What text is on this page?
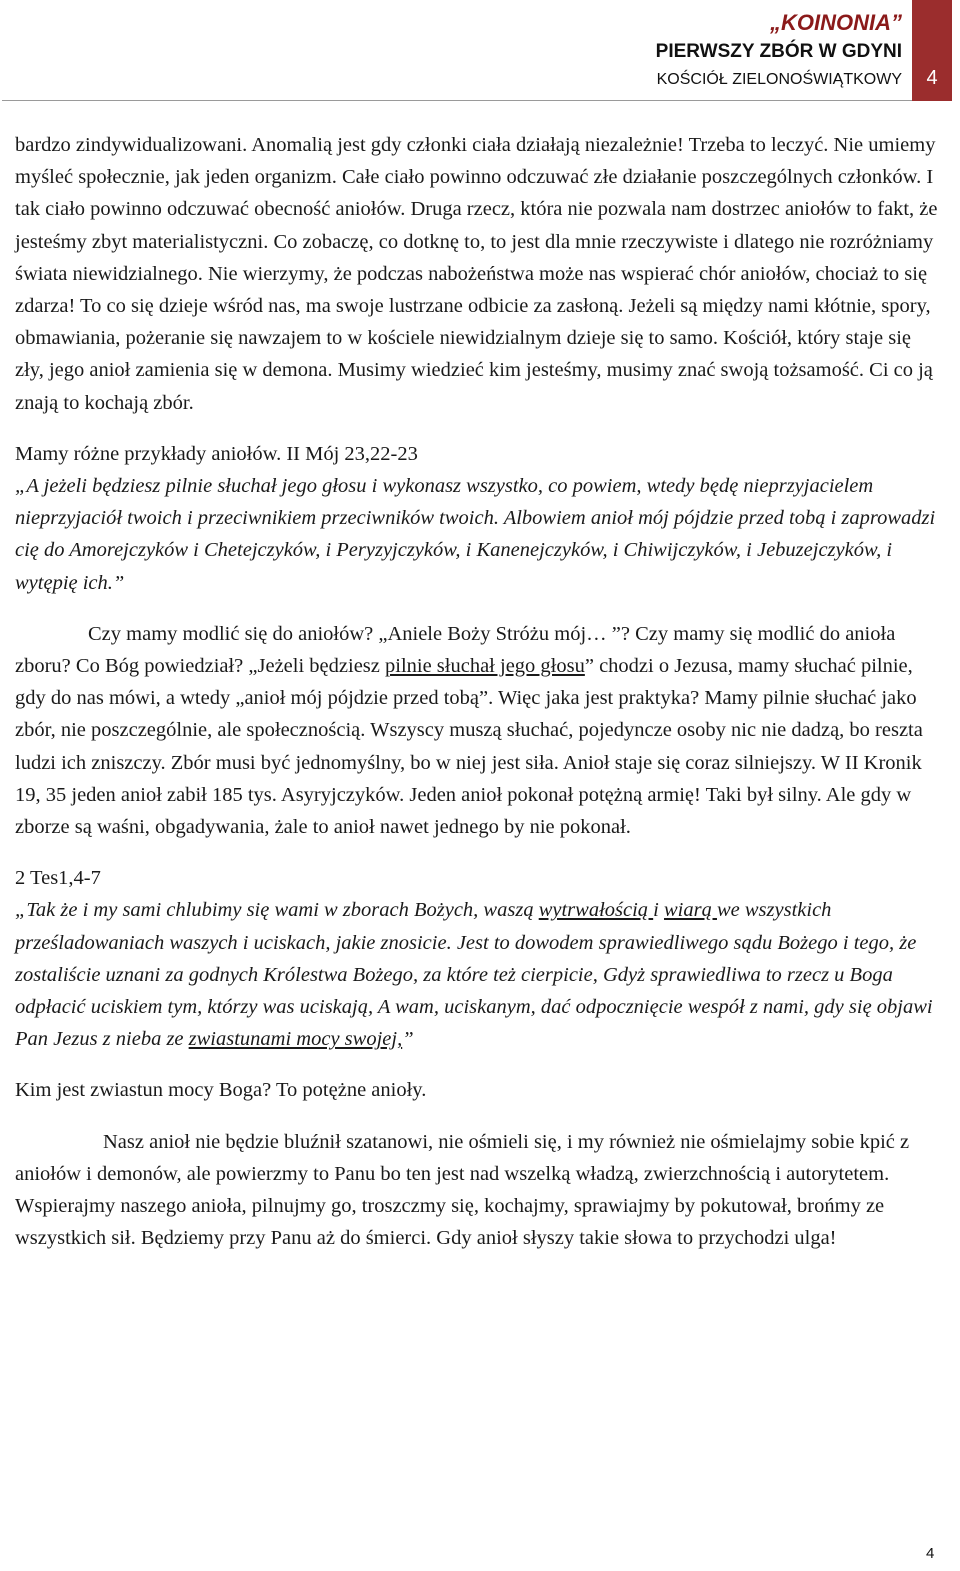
„KOINONIA”
PIERWSZY ZBÓR W GDYNI
KOŚCIÓŁ ZIELONOŚWIĄTKOWY	4

bardzo zindywidualizowani. Anomalią jest gdy członki ciała działają niezależnie! Trzeba to leczyć. Nie umiemy myśleć społecznie, jak jeden organizm. Całe ciało powinno odczuwać złe działanie poszczególnych członków. I tak ciało powinno odczuwać obecność aniołów. Druga rzecz, która nie pozwala nam dostrzec aniołów to fakt, że jesteśmy zbyt materialistyczni. Co zobaczę, co dotknę to, to jest dla mnie rzeczywiste i dlatego nie rozróżniamy świata niewidzialnego. Nie wierzymy, że podczas nabożeństwa może nas wspierać chór aniołów, chociaż to się zdarza! To co się dzieje wśród nas, ma swoje lustrzane odbicie za zasłoną. Jeżeli są między nami kłótnie, spory, obmawiania, pożeranie się nawzajem to w kościele niewidzialnym dzieje się to samo. Kościół, który staje się zły, jego anioł zamienia się w demona. Musimy wiedzieć kim jesteśmy, musimy znać swoją tożsamość. Ci co ją znają to kochają zbór.

Mamy różne przykłady aniołów. II Mój 23,22-23
„A jeżeli będziesz pilnie słuchał jego głosu i wykonasz wszystko, co powiem, wtedy będę nieprzyjacielem nieprzyjaciół twoich i przeciwnikiem przeciwników twoich. Albowiem anioł mój pójdzie przed tobą i zaprowadzi cię do Amorejczyków i Chetejczyków, i Peryzyjczyków, i Kanenejczyków, i Chiwijczyków, i Jebuzejczyków, i wytępię ich.”

Czy mamy modlić się do aniołów? „Aniele Boży Stróżu mój… ”? Czy mamy się modlić do anioła zboru? Co Bóg powiedział? „Jeżeli będziesz pilnie słuchał jego głosu” chodzi o Jezusa, mamy słuchać pilnie, gdy do nas mówi, a wtedy „anioł mój pójdzie przed tobą”. Więc jaka jest praktyka? Mamy pilnie słuchać jako zbór, nie poszczególnie, ale społecznością. Wszyscy muszą słuchać, pojedyncze osoby nic nie dadzą, bo reszta ludzi ich zniszczy. Zbór musi być jednomyślny, bo w niej jest siła. Anioł staje się coraz silniejszy. W II Kronik 19, 35 jeden anioł zabił 185 tys. Asyryjczyków. Jeden anioł pokonał potężną armię! Taki był silny. Ale gdy w zborze są waśni, obgadywania, żale to anioł nawet jednego by nie pokonał.

2 Tes1,4-7
„Tak że i my sami chlubimy się wami w zborach Bożych, waszą wytrwałością i wiarą we wszystkich prześladowaniach waszych i uciskach, jakie znosicie. Jest to dowodem sprawiedliwego sądu Bożego i tego, że zostaliście uznani za godnych Królestwa Bożego, za które też cierpicie, Gdyż sprawiedliwa to rzecz u Boga odpłacić uciskiem tym, którzy was uciskają, A wam, uciskanym, dać odpocznięcie wespół z nami, gdy się objawi Pan Jezus z nieba ze zwiastunami mocy swojej,”

Kim jest zwiastun mocy Boga? To potężne anioły.

Nasz anioł nie będzie bluźnił szatanowi, nie ośmieli się, i my również nie ośmielajmy sobie kpić z aniołów i demonów, ale powierzmy to Panu bo ten jest nad wszelką władzą, zwierzchnością i autorytetem. Wspierajmy naszego anioła, pilnujmy go, troszczmy się, kochajmy, sprawiajmy by pokutował, brońmy ze wszystkich sił. Będziemy przy Panu aż do śmierci. Gdy anioł słyszy takie słowa to przychodzi ulga!

4
